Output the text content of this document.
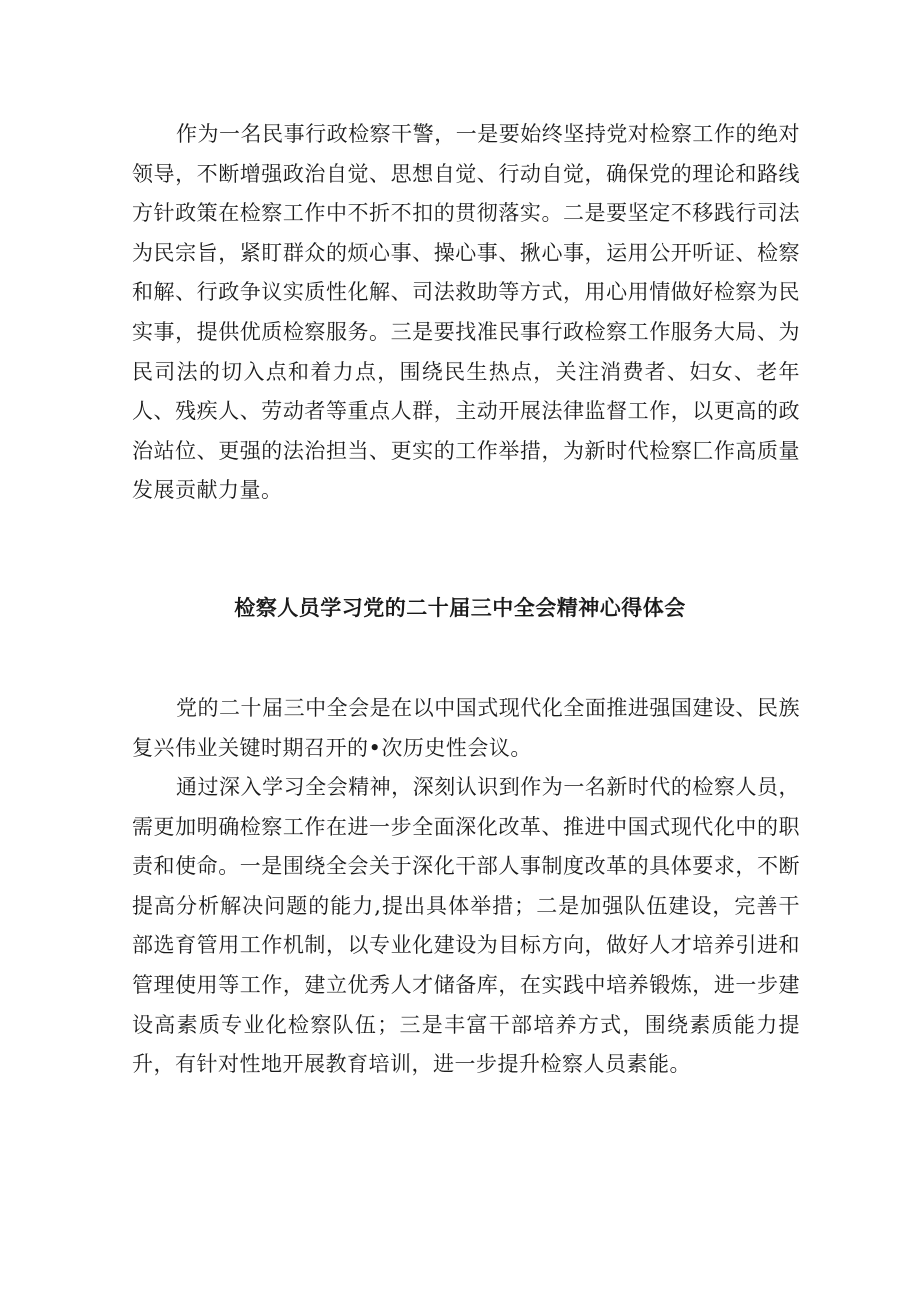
作为一名民事行政检察干警，一是要始终坚持党对检察工作的绝对领导，不断增强政治自觉、思想自觉、行动自觉，确保党的理论和路线方针政策在检察工作中不折不扣的贯彻落实。二是要坚定不移践行司法为民宗旨，紧盯群众的烦心事、操心事、揪心事，运用公开听证、检察和解、行政争议实质性化解、司法救助等方式，用心用情做好检察为民实事，提供优质检察服务。三是要找准民事行政检察工作服务大局、为民司法的切入点和着力点，围绕民生热点，关注消费者、妇女、老年人、残疾人、劳动者等重点人群，主动开展法律监督工作，以更高的政治站位、更强的法治担当、更实的工作举措，为新时代检察匚作高质量发展贡献力量。

检察人员学习党的二十届三中全会精神心得体会

党的二十届三中全会是在以中国式现代化全面推进强国建设、民族复兴伟业关键时期召开的•次历史性会议。

通过深入学习全会精神，深刻认识到作为一名新时代的检察人员，需更加明确检察工作在进一步全面深化改革、推进中国式现代化中的职责和使命。一是围绕全会关于深化干部人事制度改革的具体要求，不断提高分析解决问题的能力,提出具体举措；二是加强队伍建设，完善干部选育管用工作机制，以专业化建设为目标方向，做好人才培养引进和管理使用等工作，建立优秀人才储备库，在实践中培养锻炼，进一步建设高素质专业化检察队伍；三是丰富干部培养方式，围绕素质能力提升，有针对性地开展教育培训，进一步提升检察人员素能。
